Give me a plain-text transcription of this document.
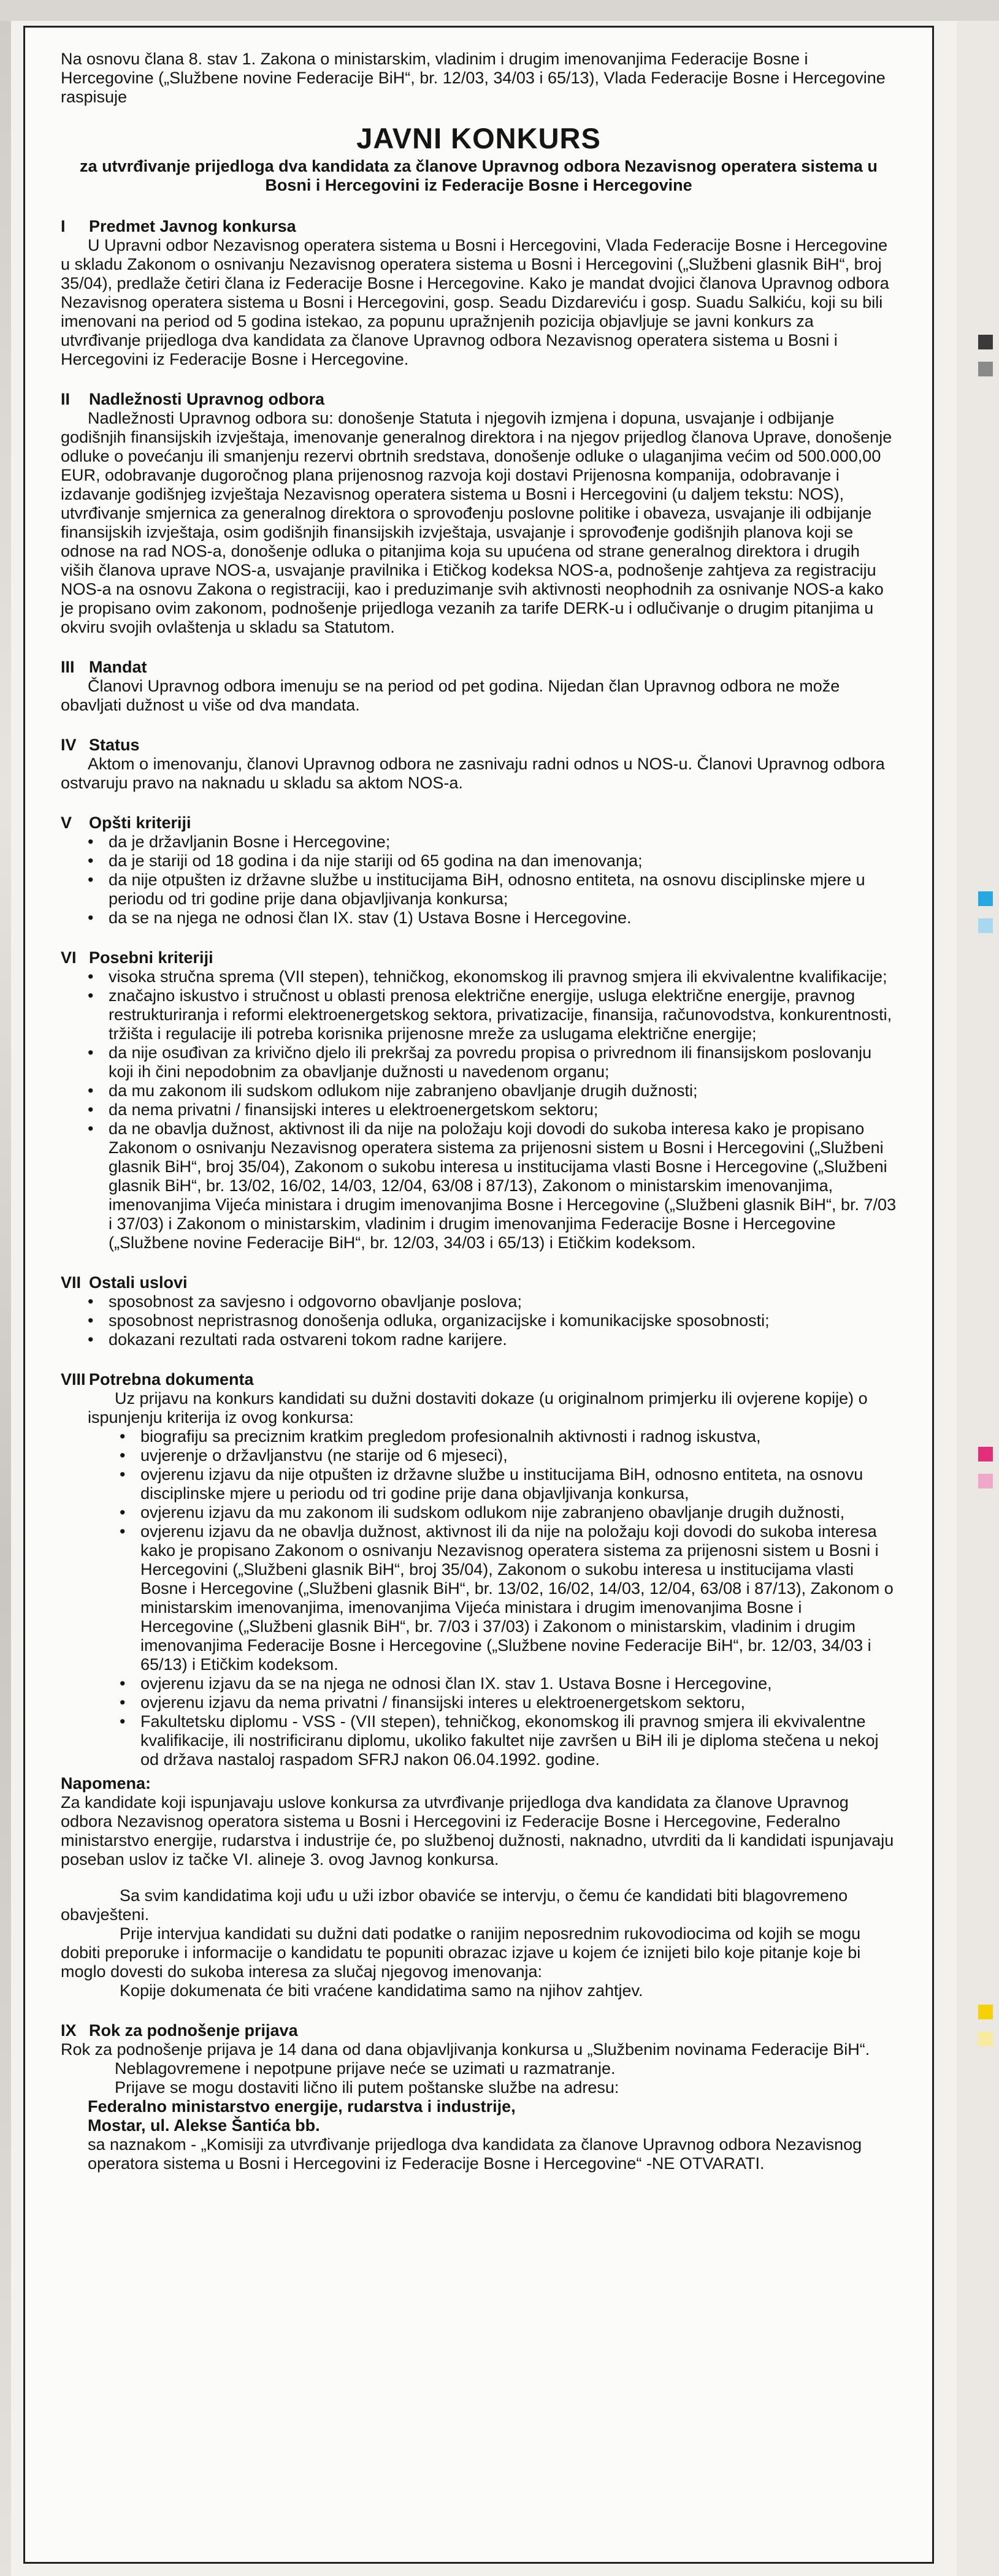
Na osnovu člana 8. stav 1. Zakona o ministarskim, vladinim i drugim imenovanjima Federacije Bosne i Hercegovine („Službene novine Federacije BiH“, br. 12/03, 34/03 i 65/13), Vlada Federacije Bosne i Hercegovine raspisuje

JAVNI KONKURS
za utvrđivanje prijedloga dva kandidata za članove Upravnog odbora Nezavisnog operatera sistema u Bosni i Hercegovini iz Federacije Bosne i Hercegovine
I	Predmet Javnog konkursa

U Upravni odbor Nezavisnog operatera sistema u Bosni i Hercegovini, Vlada Federacije Bosne i Hercegovine u skladu Zakonom o osnivanju Nezavisnog operatera sistema u Bosni i Hercegovini („Službeni glasnik BiH“, broj 35/04), predlaže četiri člana iz Federacije Bosne i Hercegovine. Kako je mandat dvojici članova Upravnog odbora Nezavisnog operatera sistema u Bosni i Hercegovini, gosp. Seadu Dizdareviću i gosp. Suadu Salkiću, koji su bili imenovani na period od 5 godina istekao, za popunu upražnjenih pozicija objavljuje se javni konkurs za utvrđivanje prijedloga dva kandidata za članove Upravnog odbora Nezavisnog operatera sistema u Bosni i Hercegovini iz Federacije Bosne i Hercegovine.

II	Nadležnosti Upravnog odbora

Nadležnosti Upravnog odbora su: donošenje Statuta i njegovih izmjena i dopuna, usvajanje i odbijanje godišnjih finansijskih izvještaja, imenovanje generalnog direktora i na njegov prijedlog članova Uprave, donošenje odluke o povećanju ili smanjenju rezervi obrtnih sredstava, donošenje odluke o ulaganjima većim od 500.000,00 EUR, odobravanje dugoročnog plana prijenosnog razvoja koji dostavi Prijenosna kompanija, odobravanje i izdavanje godišnjeg izvještaja Nezavisnog operatera sistema u Bosni i Hercegovini (u daljem tekstu: NOS), utvrđivanje smjernica za generalnog direktora o sprovođenju poslovne politike i obaveza, usvajanje ili odbijanje finansijskih izvještaja, osim godišnjih finansijskih izvještaja, usvajanje i sprovođenje godišnjih planova koji se odnose na rad NOS-a, donošenje odluka o pitanjima koja su upućena od strane generalnog direktora i drugih viših članova uprave NOS-a, usvajanje pravilnika i Etičkog kodeksa NOS-a, podnošenje zahtjeva za registraciju NOS-a na osnovu Zakona o registraciji, kao i preduzimanje svih aktivnosti neophodnih za osnivanje NOS-a kako je propisano ovim zakonom, podnošenje prijedloga vezanih za tarife DERK-u i odlučivanje o drugim pitanjima u okviru svojih ovlaštenja u skladu sa Statutom.

III Mandat

Članovi Upravnog odbora imenuju se na period od pet godina. Nijedan član Upravnog odbora ne može obavljati dužnost u više od dva mandata.

IV Status

Aktom o imenovanju, članovi Upravnog odbora ne zasnivaju radni odnos u NOS-u. Članovi Upravnog odbora ostvaruju pravo na naknadu u skladu sa aktom NOS-a.

V	Opšti kriteriji
• da je državljanin Bosne i Hercegovine;
• da je stariji od 18 godina i da nije stariji od 65 godina na dan imenovanja;
• da nije otpušten iz državne službe u institucijama BiH, odnosno entiteta, na osnovu disciplinske mjere u periodu od tri godine prije dana objavljivanja konkursa;
• da se na njega ne odnosi član IX. stav (1) Ustava Bosne i Hercegovine.
VI Posebni kriteriji
• visoka stručna sprema (VII stepen), tehničkog, ekonomskog ili pravnog smjera ili ekvivalentne kvalifikacije;
• značajno iskustvo i stručnost u oblasti prenosa električne energije, usluga električne energije, pravnog restrukturiranja i reformi elektroenergetskog sektora, privatizacije, finansija, računovodstva, konkurentnosti, tržišta i regulacije ili potreba korisnika prijenosne mreže za uslugama električne energije;
• da nije osuđivan za krivično djelo ili prekršaj za povredu propisa o privrednom ili finansijskom poslovanju koji ih čini nepodobnim za obavljanje dužnosti u navedenom organu;
• da mu zakonom ili sudskom odlukom nije zabranjeno obavljanje drugih dužnosti;
• da nema privatni / finansijski interes u elektroenergetskom sektoru;
• da ne obavlja dužnost, aktivnost ili da nije na položaju koji dovodi do sukoba interesa kako je propisano Zakonom o osnivanju Nezavisnog operatera sistema za prijenosni sistem u Bosni i Hercegovini („Službeni glasnik BiH“, broj 35/04), Zakonom o sukobu interesa u institucijama vlasti Bosne i Hercegovine („Službeni glasnik BiH“, br. 13/02, 16/02, 14/03, 12/04, 63/08 i 87/13), Zakonom o ministarskim imenovanjima, imenovanjima Vijeća ministara i drugim imenovanjima Bosne i Hercegovine („Službeni glasnik BiH“, br. 7/03 i 37/03) i Zakonom o ministarskim, vladinim i drugim imenovanjima Federacije Bosne i Hercegovine („Službene novine Federacije BiH“, br. 12/03, 34/03 i 65/13) i Etičkim kodeksom.
VII Ostali uslovi
• sposobnost za savjesno i odgovorno obavljanje poslova;
• sposobnost nepristrasnog donošenja odluka, organizacijske i komunikacijske sposobnosti;
• dokazani rezultati rada ostvareni tokom radne karijere.
VIII Potrebna dokumenta

Uz prijavu na konkurs kandidati su dužni dostaviti dokaze (u originalnom primjerku ili ovjerene kopije) o ispunjenju kriterija iz ovog konkursa:

• biografiju sa preciznim kratkim pregledom profesionalnih aktivnosti i radnog iskustva,
• uvjerenje o državljanstvu (ne starije od 6 mjeseci),
• ovjerenu izjavu da nije otpušten iz državne službe u institucijama BiH, odnosno entiteta, na osnovu disciplinske mjere u periodu od tri godine prije dana objavljivanja konkursa,
• ovjerenu izjavu da mu zakonom ili sudskom odlukom nije zabranjeno obavljanje drugih dužnosti,
• ovjerenu izjavu da ne obavlja dužnost, aktivnost ili da nije na položaju koji dovodi do sukoba interesa kako je propisano Zakonom o osnivanju Nezavisnog operatera sistema za prijenosni sistem u Bosni i Hercegovini („Službeni glasnik BiH“, broj 35/04), Zakonom o sukobu interesa u institucijama vlasti Bosne i Hercegovine („Službeni glasnik BiH“, br. 13/02, 16/02, 14/03, 12/04, 63/08 i 87/13), Zakonom o ministarskim imenovanjima, imenovanjima Vijeća ministara i drugim imenovanjima Bosne i Hercegovine („Službeni glasnik BiH“, br. 7/03 i 37/03) i Zakonom o ministarskim, vladinim i drugim imenovanjima Federacije Bosne i Hercegovine („Službene novine Federacije BiH“, br. 12/03, 34/03 i 65/13) i Etičkim kodeksom.
• ovjerenu izjavu da se na njega ne odnosi član IX. stav 1. Ustava Bosne i Hercegovine,
• ovjerenu izjavu da nema privatni / finansijski interes u elektroenergetskom sektoru,
• Fakultetsku diplomu - VSS - (VII stepen), tehničkog, ekonomskog ili pravnog smjera ili ekvivalentne kvalifikacije, ili nostrificiranu diplomu, ukoliko fakultet nije završen u BiH ili je diploma stečena u nekoj od država nastaloj raspadom SFRJ nakon 06.04.1992. godine.

Napomena:

Za kandidate koji ispunjavaju uslove konkursa za utvrđivanje prijedloga dva kandidata za članove Upravnog odbora Nezavisnog operatora sistema u Bosni i Hercegovini iz Federacije Bosne i Hercegovine, Federalno ministarstvo energije, rudarstva i industrije će, po službenoj dužnosti, naknadno, utvrditi da li kandidati ispunjavaju poseban uslov iz tačke VI. alineje 3. ovog Javnog konkursa.

Sa svim kandidatima koji uđu u uži izbor obaviće se intervju, o čemu će kandidati biti blagovremeno obavješteni.

Prije intervjua kandidati su dužni dati podatke o ranijim neposrednim rukovodiocima od kojih se mogu dobiti preporuke i informacije o kandidatu te popuniti obrazac izjave u kojem će iznijeti bilo koje pitanje koje bi moglo dovesti do sukoba interesa za slučaj njegovog imenovanja:

Kopije dokumenata će biti vraćene kandidatima samo na njihov zahtjev.

IX Rok za podnošenje prijava

Rok za podnošenje prijava je 14 dana od dana objavljivanja konkursa u „Službenim novinama Federacije BiH“.

Neblagovremene i nepotpune prijave neće se uzimati u razmatranje.

Prijave se mogu dostaviti lično ili putem poštanske službe na adresu:

Federalno ministarstvo energije, rudarstva i industrije,

Mostar, ul. Alekse Šantića bb.

sa naznakom - „Komisiji za utvrđivanje prijedloga dva kandidata za članove Upravnog odbora Nezavisnog operatora sistema u Bosni i Hercegovini iz Federacije Bosne i Hercegovine“ -NE OTVARATI.
